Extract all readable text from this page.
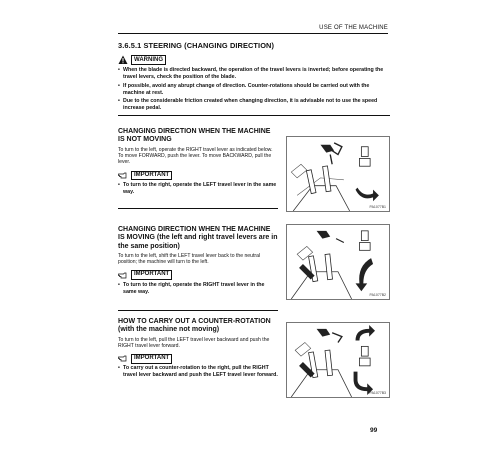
USE OF THE MACHINE
3.6.5.1 STEERING (CHANGING DIRECTION)
WARNING
• When the blade is directed backward, the operation of the travel levers is inverted; before operating the travel levers, check the position of the blade.
• If possible, avoid any abrupt change of direction. Counter-rotations should be carried out with the machine at rest.
• Due to the considerable friction created when changing direction, it is advisable not to use the speed increase pedal.
CHANGING DIRECTION WHEN THE MACHINE IS NOT MOVING

To turn to the left, operate the RIGHT travel lever as indicated below. To move FORWARD, push the lever. To move BACKWARD, pull the lever.

IMPORTANT
• To turn to the right, operate the LEFT travel lever in the same way.
PA1077B1
CHANGING DIRECTION WHEN THE MACHINE IS MOVING (the left and right travel levers are in the same position)

To turn to the left, shift the LEFT travel lever back to the neutral position; the machine will turn to the left.

IMPORTANT
• To turn to the right, operate the RIGHT travel lever in the same way.
PA1077B2
HOW TO CARRY OUT A COUNTER-ROTATION (with the machine not moving)

To turn to the left, pull the LEFT travel lever backward and push the RIGHT travel lever forward.

IMPORTANT
• To carry out a counter-rotation to the right, pull the RIGHT travel lever backward and push the LEFT travel lever forward.
PA1077B3
99
